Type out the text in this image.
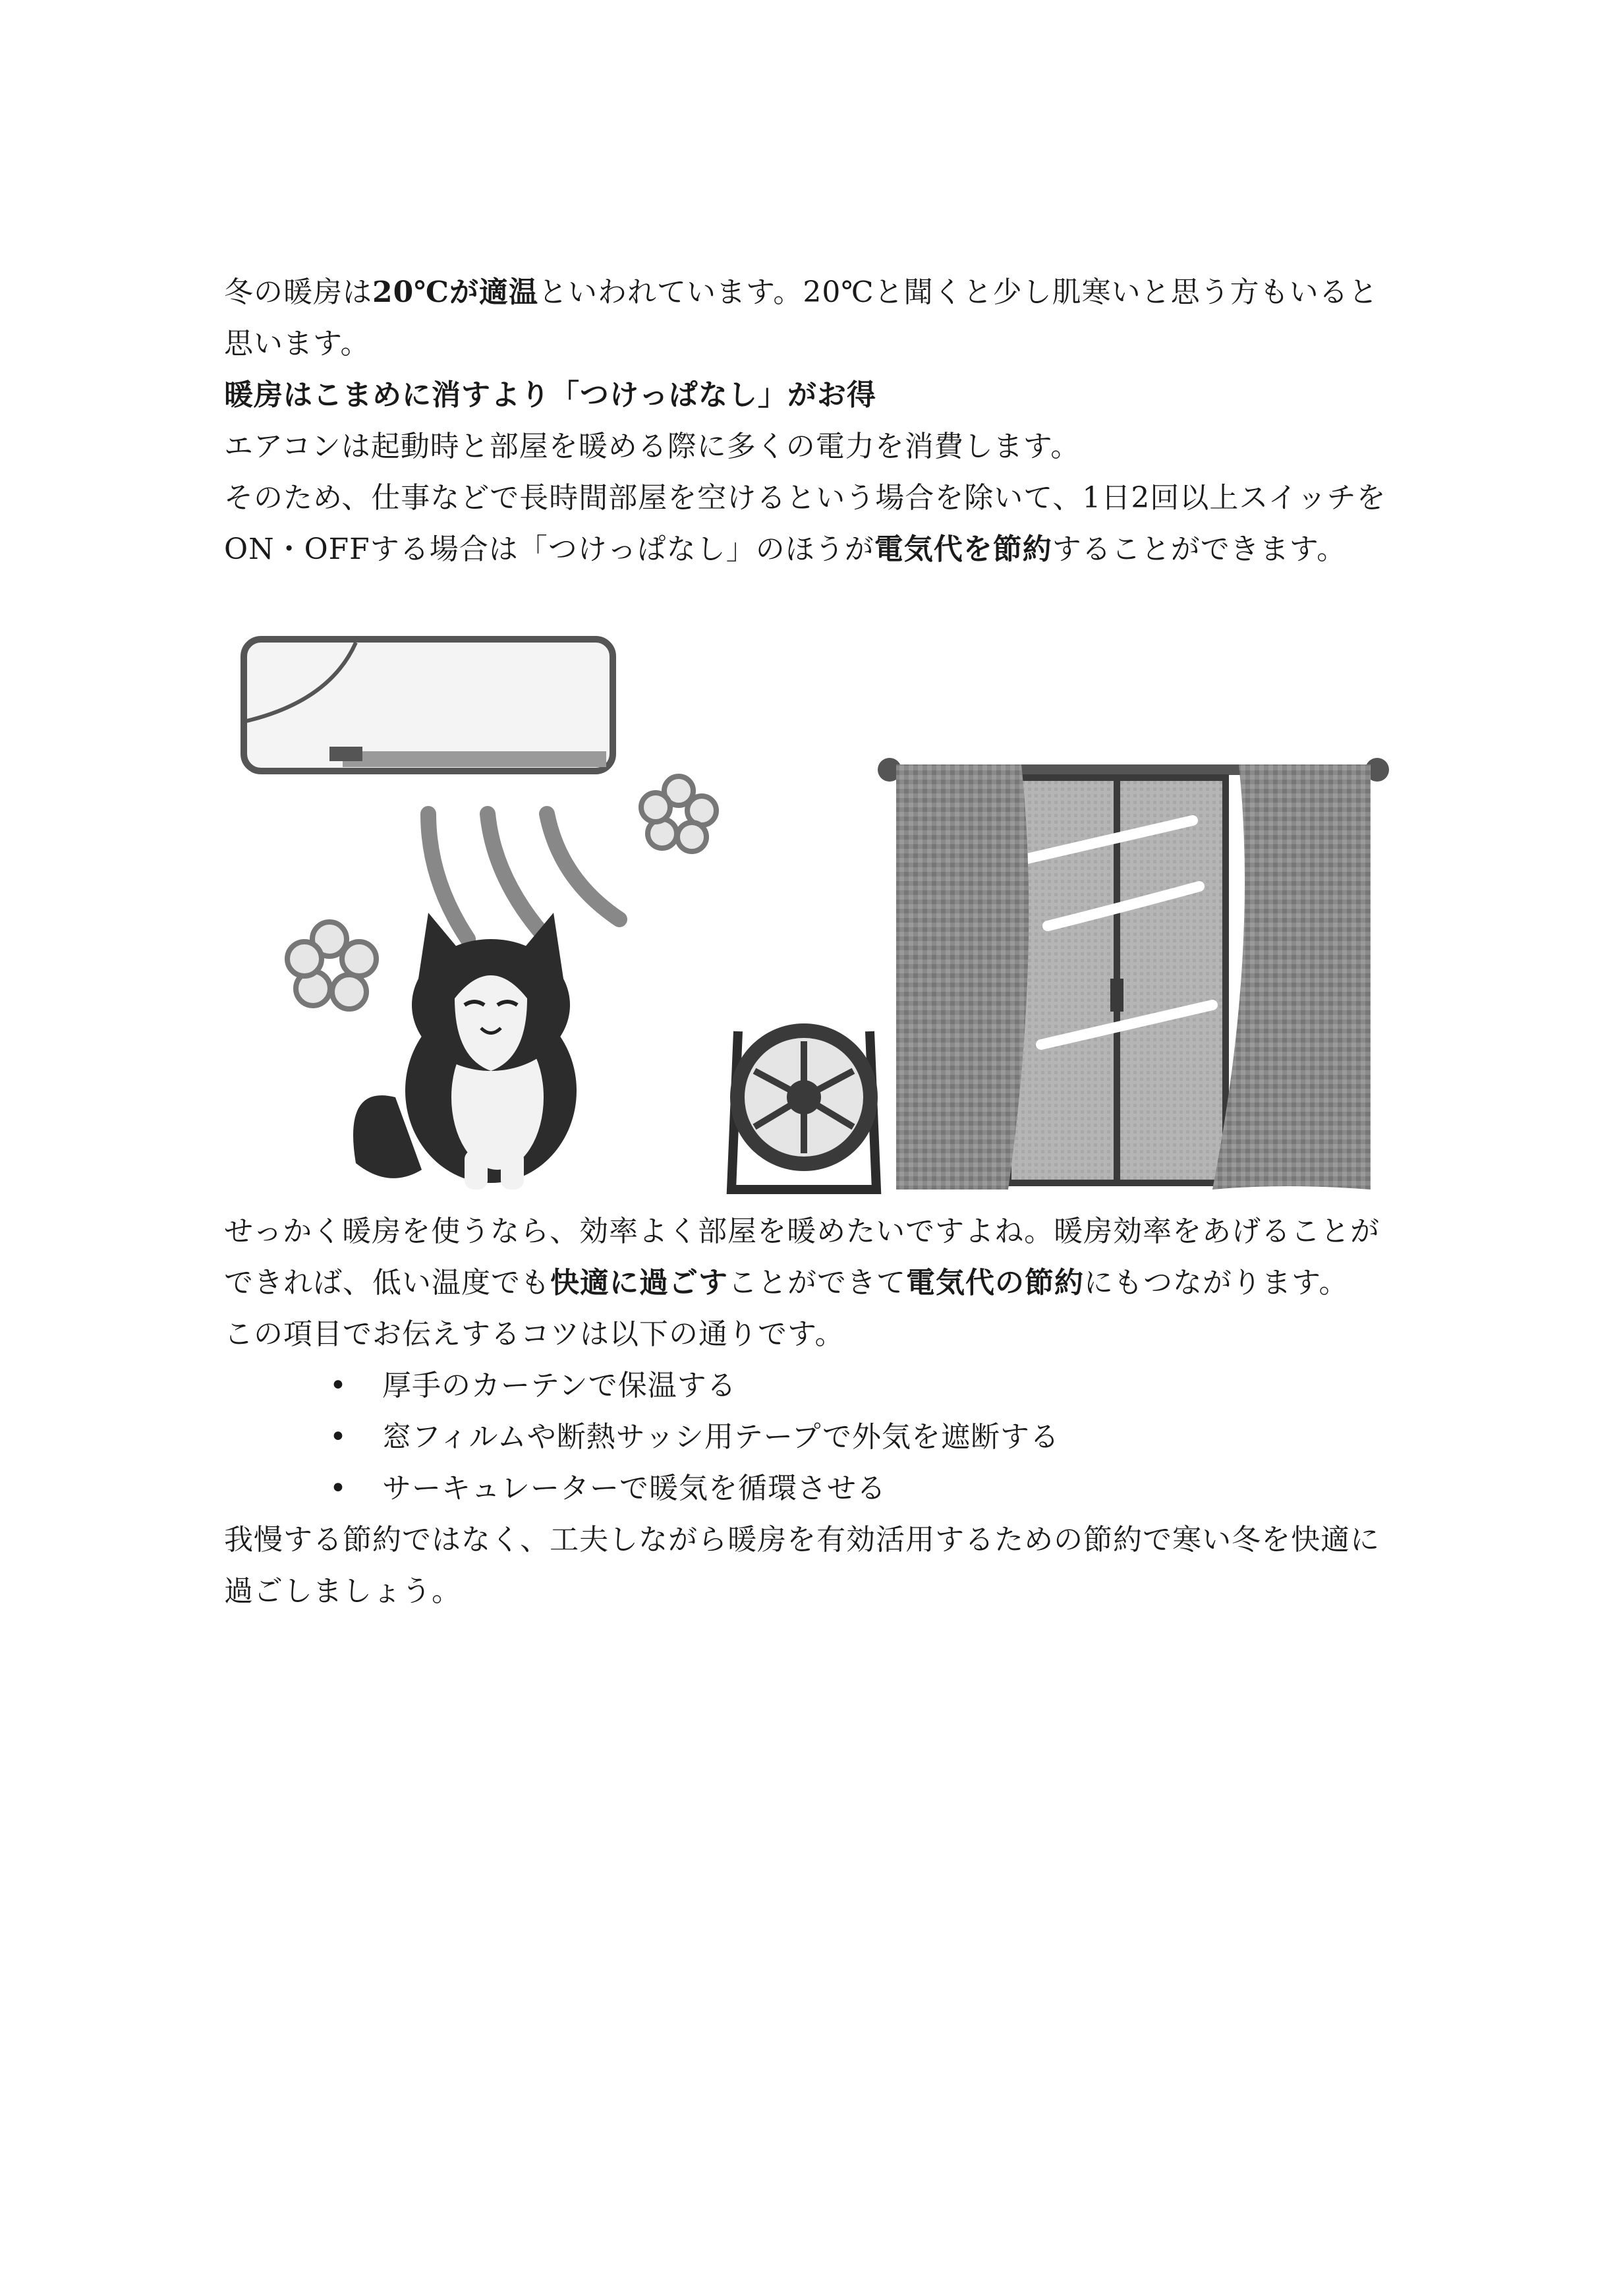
冬の暖房は20℃が適温といわれています。20℃と聞くと少し肌寒いと思う方もいると思います。

暖房はこまめに消すより「つけっぱなし」がお得

エアコンは起動時と部屋を暖める際に多くの電力を消費します。

そのため、仕事などで長時間部屋を空けるという場合を除いて、1日2回以上スイッチをON・OFFする場合は「つけっぱなし」のほうが電気代を節約することができます。

せっかく暖房を使うなら、効率よく部屋を暖めたいですよね。暖房効率をあげることができれば、低い温度でも快適に過ごすことができて電気代の節約にもつながります。

この項目でお伝えするコツは以下の通りです。

• 厚手のカーテンで保温する
• 窓フィルムや断熱サッシ用テープで外気を遮断する
• サーキュレーターで暖気を循環させる

我慢する節約ではなく、工夫しながら暖房を有効活用するための節約で寒い冬を快適に過ごしましょう。
